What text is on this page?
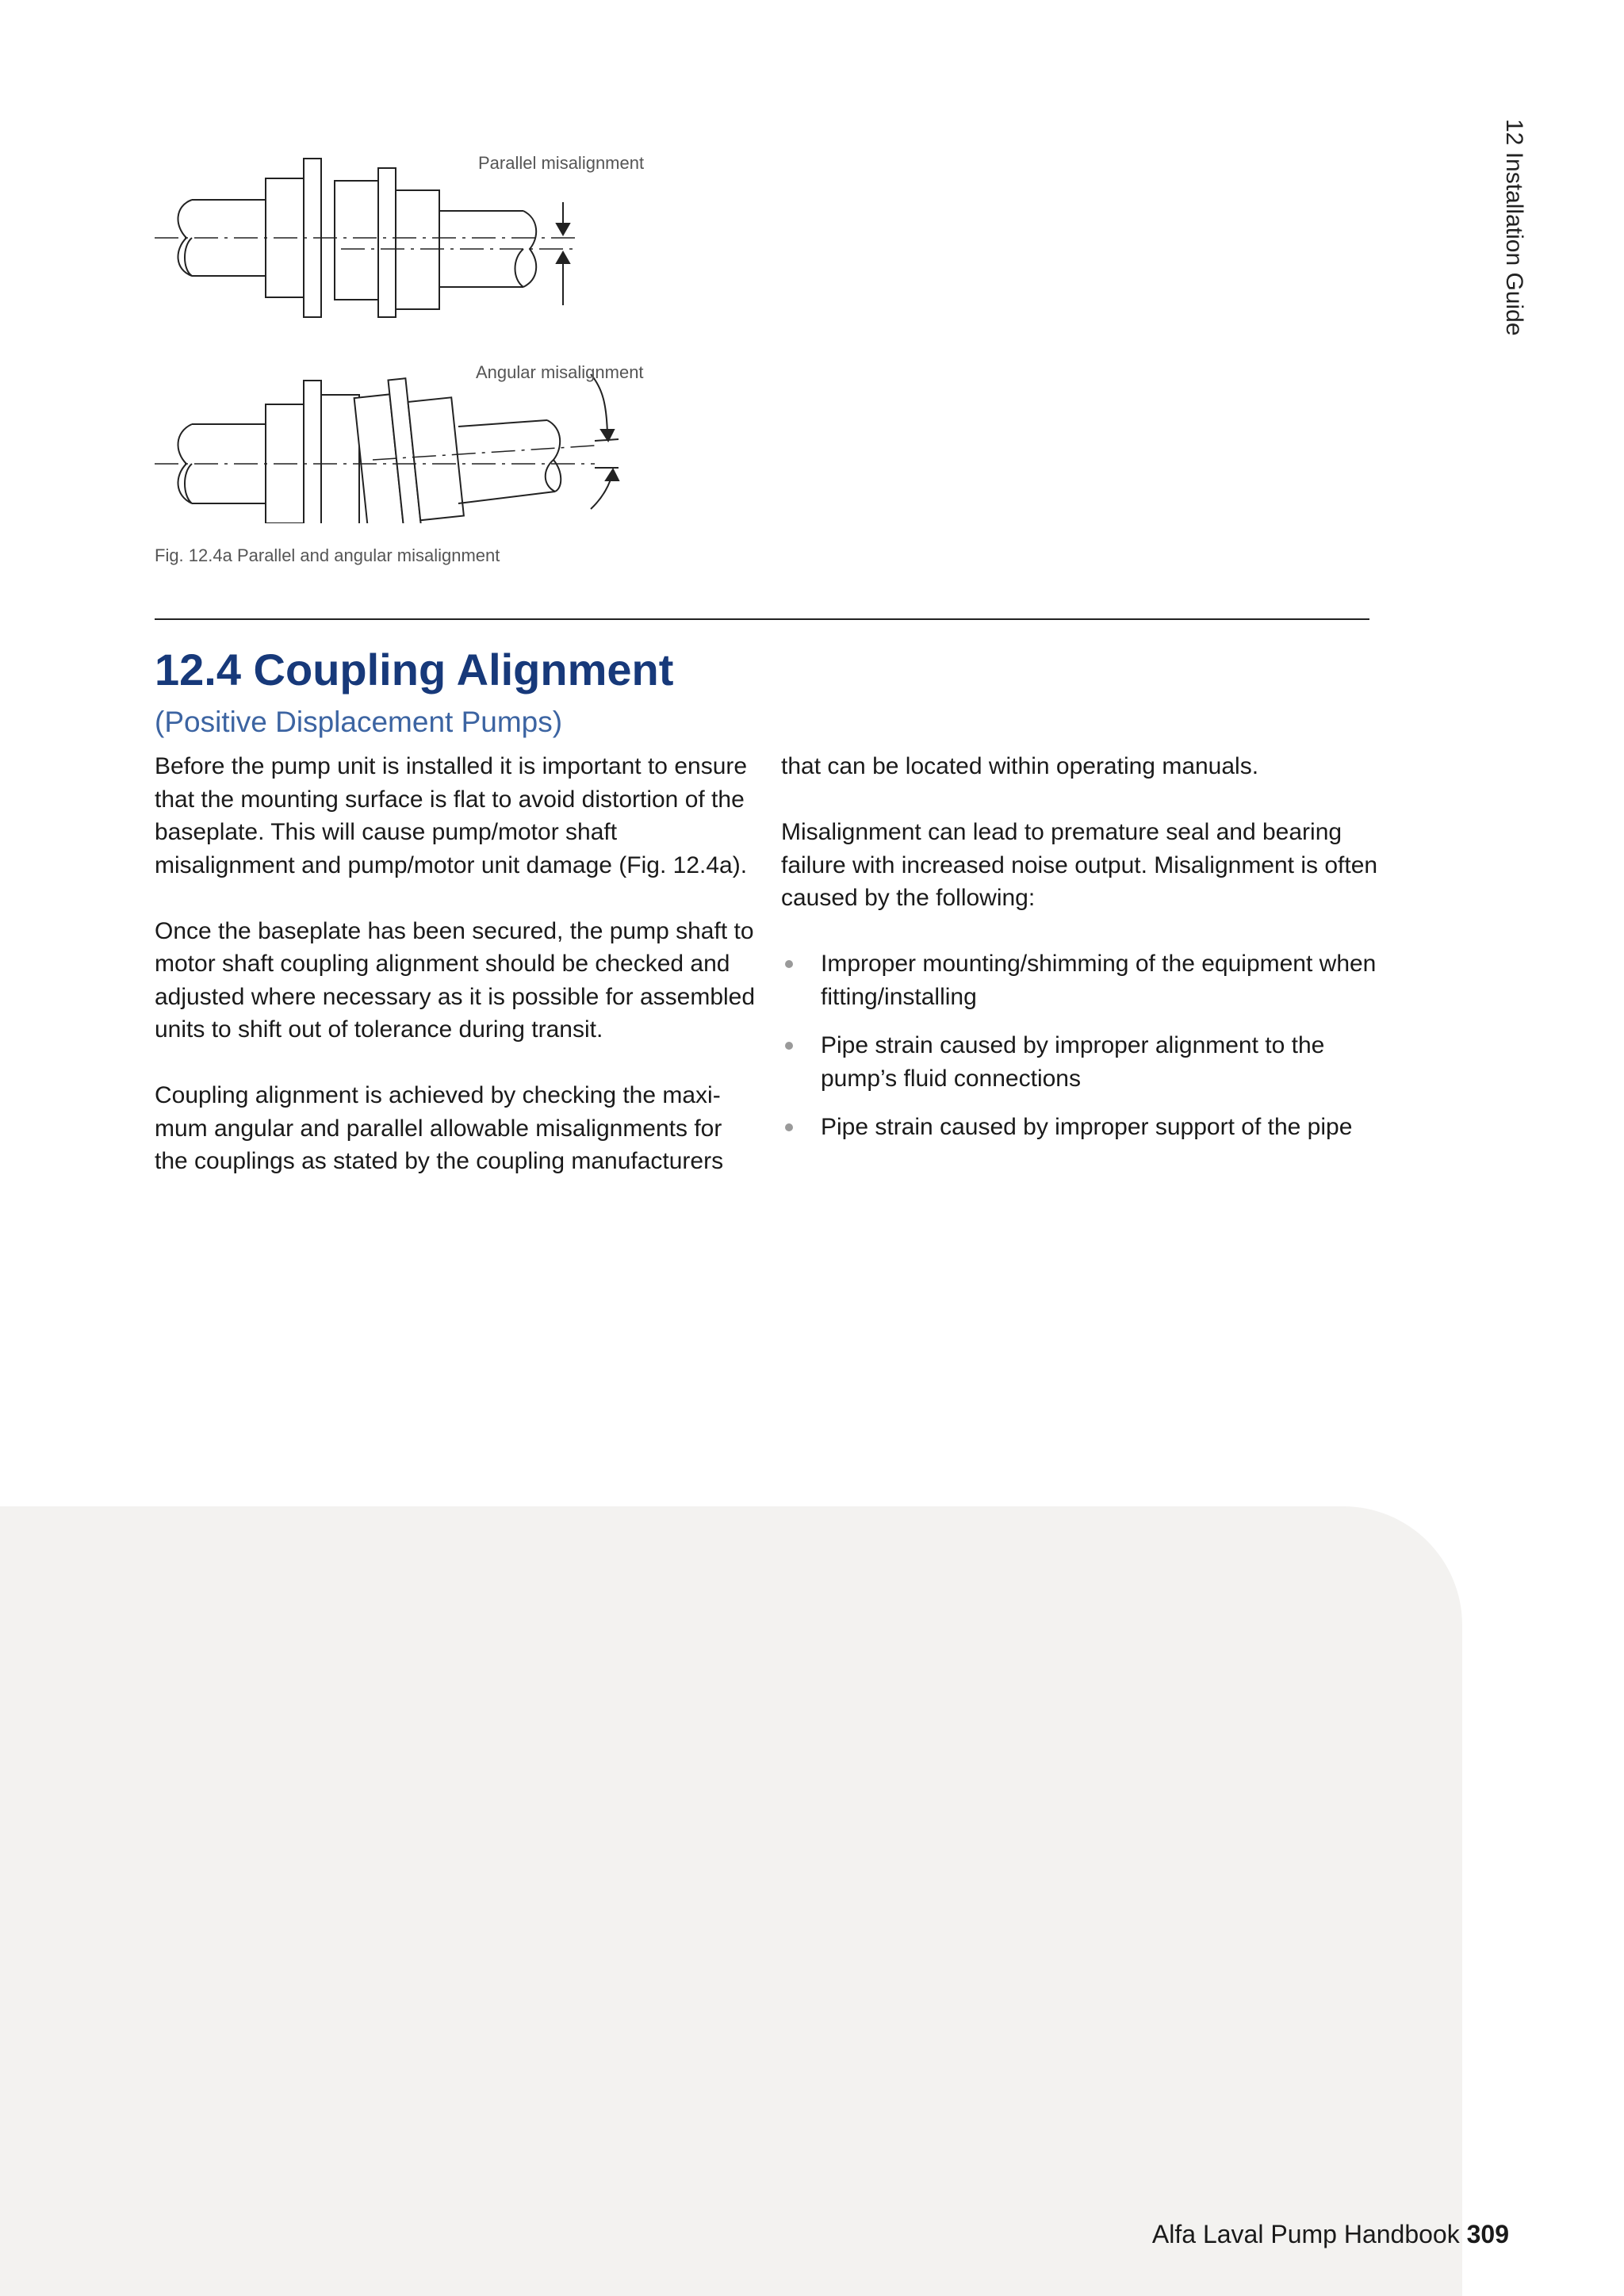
12 Installation Guide
Parallel misalignment
Angular misalignment
Fig. 12.4a Parallel and angular misalignment
12.4 Coupling Alignment
(Positive Displacement Pumps)

Before the pump unit is installed it is important to ensure that the mounting surface is flat to avoid distortion of the baseplate. This will cause pump/motor shaft misalignment and pump/motor unit damage (Fig. 12.4a).

Once the baseplate has been secured, the pump shaft to motor shaft coupling alignment should be checked and adjusted where necessary as it is possible for assembled units to shift out of tolerance during transit.

Coupling alignment is achieved by checking the maxi-mum angular and parallel allowable misalignments for the couplings as stated by the coupling manufacturers

that can be located within operating manuals.

Misalignment can lead to premature seal and bearing failure with increased noise output. Misalignment is often caused by the following:

Improper mounting/shimming of the equipment when fitting/installing
Pipe strain caused by improper alignment to the pump’s fluid connections
Pipe strain caused by improper support of the pipe
Alfa Laval Pump Handbook 309
